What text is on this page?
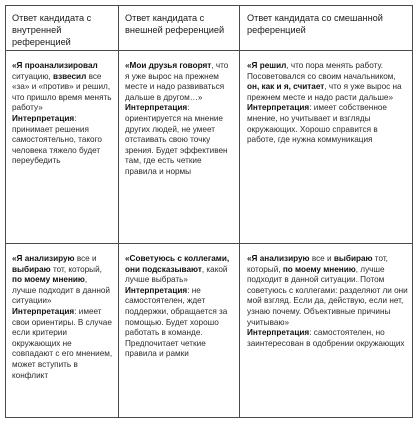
Ответ кандидата с внутренней референцией
Ответ кандидата с внешней референцией
Ответ кандидата со смешанной референцией
«Я проанализировал ситуацию, взвесил все «за» и «против» и решил, что пришло время менять работу»
Интерпретация: принимает решения самостоятельно, такого человека тяжело будет переубедить
«Мои друзья говорят, что я уже вырос на прежнем месте и надо развиваться дальше в другом…»
Интерпретация: ориентируется на мнение других людей, не умеет отстаивать свою точку зрения. Будет эффективен там, где есть четкие правила и нормы
«Я решил, что пора менять работу. Посоветовался со своим начальником, он, как и я, считает, что я уже вырос на прежнем месте и надо расти дальше»
Интерпретация: имеет собственное мнение, но учитывает и взгляды окружающих. Хорошо справится в работе, где нужна коммуникация
«Я анализирую все и выбираю тот, который, по моему мнению, лучше подходит в данной ситуации»
Интерпретация: имеет свои ориентиры. В случае если критерии окружающих не совпадают с его мнением, может вступить в конфликт
«Советуюсь с коллегами, они подсказывают, какой лучше выбрать»
Интерпретация: не самостоятелен, ждет поддержки, обращается за помощью. Будет хорошо работать в команде. Предпочитает четкие правила и рамки
«Я анализирую все и выбираю тот, который, по моему мнению, лучше подходит в данной ситуации. Потом советуюсь с коллегами: разделяют ли они мой взгляд. Если да, действую, если нет, узнаю почему. Объективные причины учитываю»
Интерпретация: самостоятелен, но заинтересован в одобрении окружающих
